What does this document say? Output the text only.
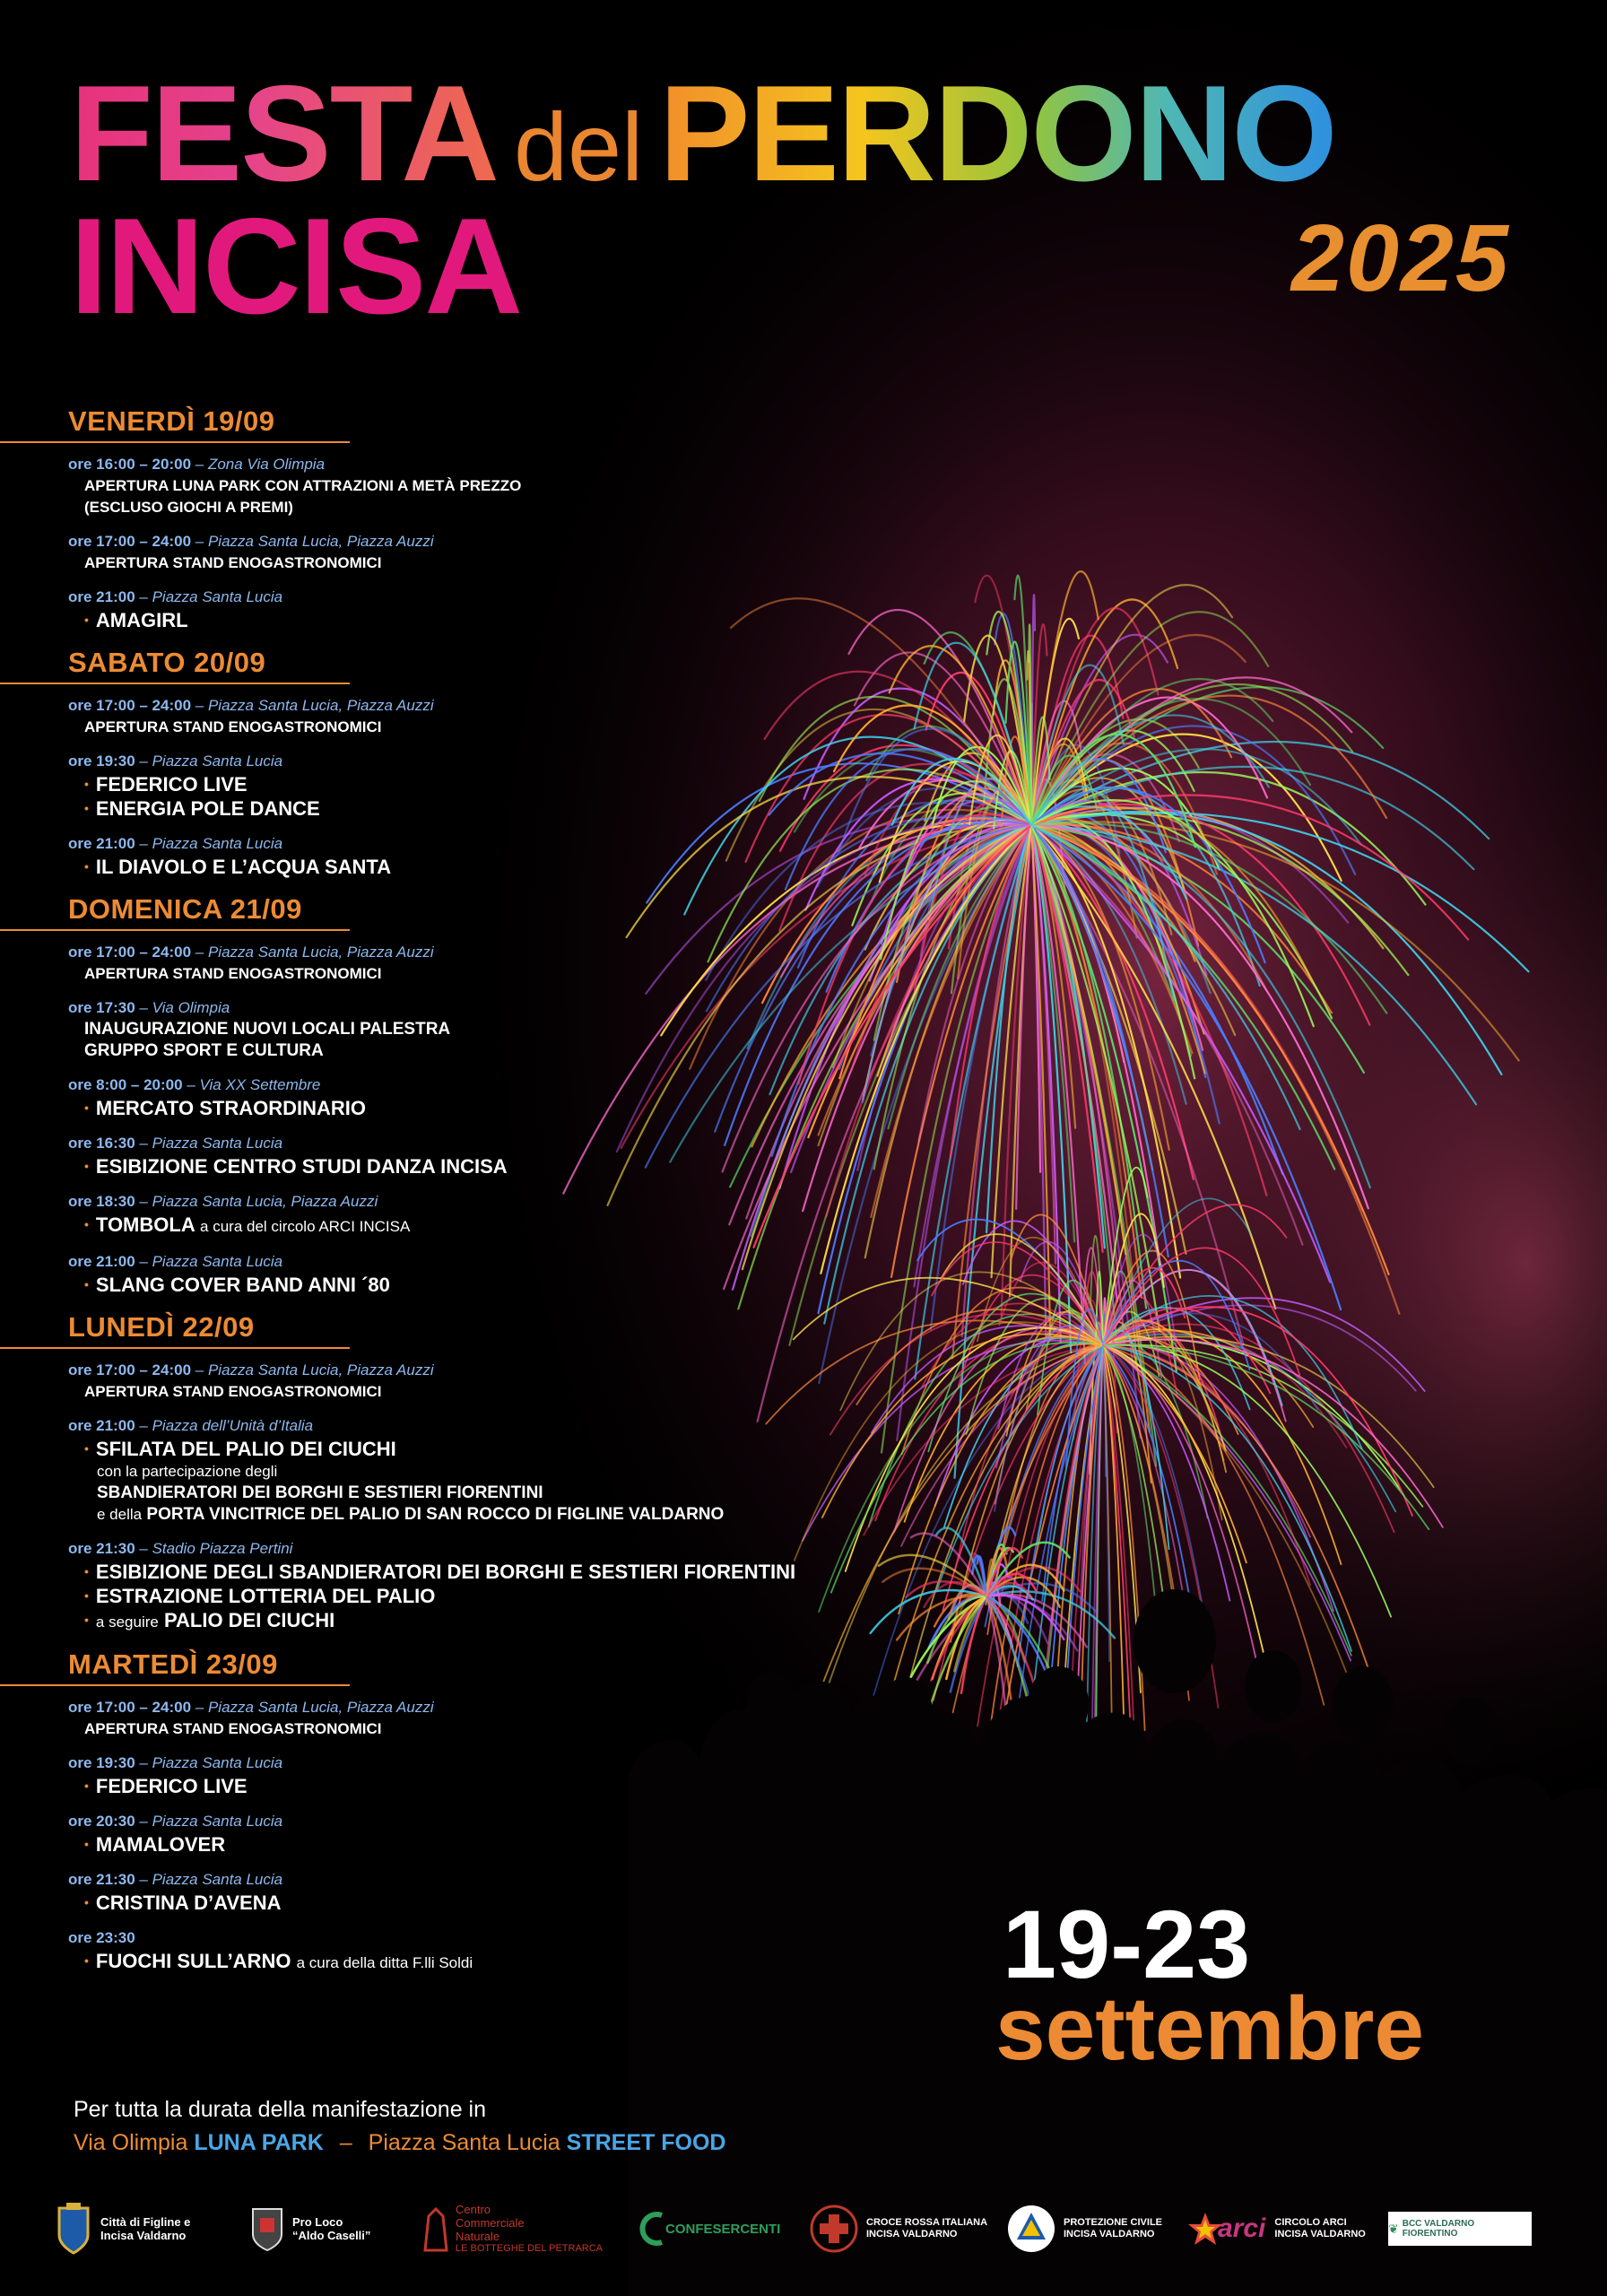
FESTA del PERDONO
INCISA	2025
VENERDÌ 19/09
ore 16:00 – 20:00 – Zona Via Olimpia
APERTURA LUNA PARK CON ATTRAZIONI A METÀ PREZZO
(ESCLUSO GIOCHI A PREMI)
ore 17:00 – 24:00 – Piazza Santa Lucia, Piazza Auzzi
APERTURA STAND ENOGASTRONOMICI
ore 21:00 – Piazza Santa Lucia
• AMAGIRL
SABATO 20/09
ore 17:00 – 24:00 – Piazza Santa Lucia, Piazza Auzzi
APERTURA STAND ENOGASTRONOMICI
ore 19:30 – Piazza Santa Lucia
• FEDERICO LIVE
• ENERGIA POLE DANCE
ore 21:00 – Piazza Santa Lucia
• IL DIAVOLO E L’ACQUA SANTA
DOMENICA 21/09
ore 17:00 – 24:00 – Piazza Santa Lucia, Piazza Auzzi
APERTURA STAND ENOGASTRONOMICI
ore 17:30 – Via Olimpia
INAUGURAZIONE NUOVI LOCALI PALESTRA
GRUPPO SPORT E CULTURA
ore 8:00 – 20:00 – Via XX Settembre
• MERCATO STRAORDINARIO
ore 16:30 – Piazza Santa Lucia
• ESIBIZIONE CENTRO STUDI DANZA INCISA
ore 18:30 – Piazza Santa Lucia, Piazza Auzzi
• TOMBOLA a cura del circolo ARCI INCISA
ore 21:00 – Piazza Santa Lucia
• SLANG COVER BAND ANNI ´80
LUNEDÌ 22/09
ore 17:00 – 24:00 – Piazza Santa Lucia, Piazza Auzzi
APERTURA STAND ENOGASTRONOMICI
ore 21:00 – Piazza dell’Unità d’Italia
• SFILATA DEL PALIO DEI CIUCHI
con la partecipazione degli
SBANDIERATORI DEI BORGHI E SESTIERI FIORENTINI
e della PORTA VINCITRICE DEL PALIO DI SAN ROCCO DI FIGLINE VALDARNO
ore 21:30 – Stadio Piazza Pertini
• ESIBIZIONE DEGLI SBANDIERATORI DEI BORGHI E SESTIERI FIORENTINI
• ESTRAZIONE LOTTERIA DEL PALIO
• a seguire PALIO DEI CIUCHI
MARTEDÌ 23/09
ore 17:00 – 24:00 – Piazza Santa Lucia, Piazza Auzzi
APERTURA STAND ENOGASTRONOMICI
ore 19:30 – Piazza Santa Lucia
• FEDERICO LIVE
ore 20:30 – Piazza Santa Lucia
• MAMALOVER
ore 21:30 – Piazza Santa Lucia
• CRISTINA D’AVENA
ore 23:30
• FUOCHI SULL’ARNO a cura della ditta F.lli Soldi	19-23
settembre
Per tutta la durata della manifestazione in
Via Olimpia LUNA PARK – Piazza Santa Lucia STREET FOOD
Città di Figline e Incisa Valdarno
Pro Loco
“Aldo Caselli”
Centro Commerciale Naturale
LE BOTTEGHE DEL PETRARCA
CONFESERCENTI	CROCE ROSSA ITALIANA
INCISA VALDARNO
PROTEZIONE CIVILE
INCISA VALDARNO arci CIRCOLO ARCI
INCISA VALDARNO ❦ BCC VALDARNO FIORENTINO
